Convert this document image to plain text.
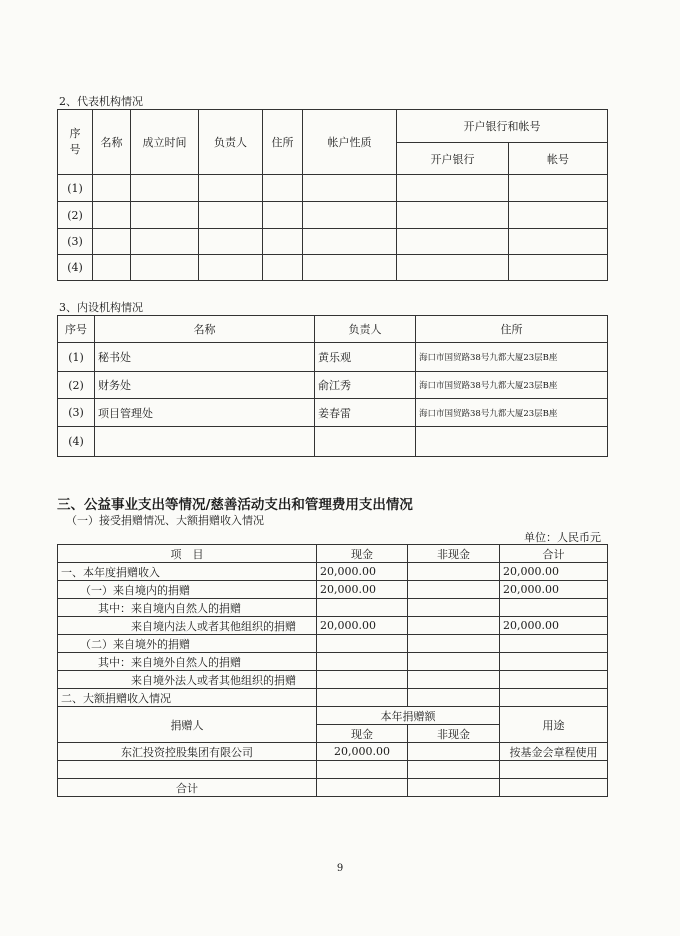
2、代表机构情况
序号	名称	成立时间	负责人	住所	帐户性质	开户银行和帐号	
						开户银行	帐号
(1)							
(2)							
(3)							
(4)							
3、内设机构情况
序号	名称	负责人	住所
(1)	秘书处	黄乐观	海口市国贸路38号九都大厦23层B座
(2)	财务处	俞江秀	海口市国贸路38号九都大厦23层B座
(3)	项目管理处	姜春雷	海口市国贸路38号九都大厦23层B座
(4)			
三、公益事业支出等情况/慈善活动支出和管理费用支出情况
（一）接受捐赠情况、大额捐赠收入情况
单位：人民币元
项　目	现金	非现金	合计
一、本年度捐赠收入	20,000.00		20,000.00
（一）来自境内的捐赠	20,000.00		20,000.00
其中：来自境内自然人的捐赠			
来自境内法人或者其他组织的捐赠	20,000.00		20,000.00
（二）来自境外的捐赠			
其中：来自境外自然人的捐赠			
来自境外法人或者其他组织的捐赠			
二、大额捐赠收入情况			
捐赠人	本年捐赠额		用途
	现金	非现金	
东汇投资控股集团有限公司	20,000.00		按基金会章程使用

合计			
9
